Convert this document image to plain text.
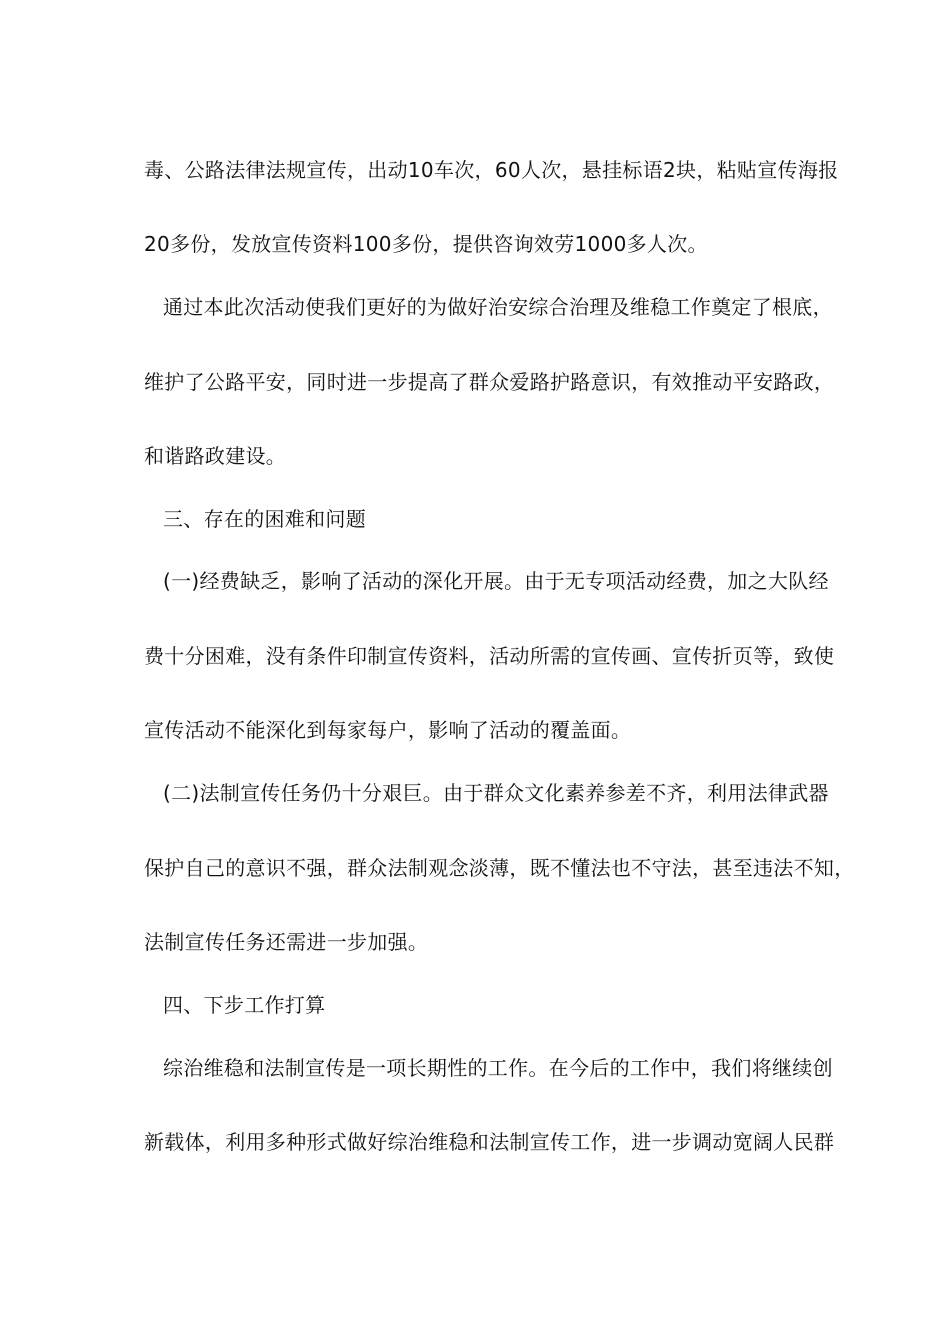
毒、公路法律法规宣传，出动10车次，60人次，悬挂标语2块，粘贴宣传海报

20多份，发放宣传资料100多份，提供咨询效劳1000多人次。

通过本此次活动使我们更好的为做好治安综合治理及维稳工作奠定了根底，

维护了公路平安，同时进一步提高了群众爱路护路意识，有效推动平安路政，

和谐路政建设。

三、存在的困难和问题

(一)经费缺乏，影响了活动的深化开展。由于无专项活动经费，加之大队经

费十分困难，没有条件印制宣传资料，活动所需的宣传画、宣传折页等，致使

宣传活动不能深化到每家每户，影响了活动的覆盖面。

(二)法制宣传任务仍十分艰巨。由于群众文化素养参差不齐，利用法律武器

保护自己的意识不强，群众法制观念淡薄，既不懂法也不守法，甚至违法不知，

法制宣传任务还需进一步加强。

四、下步工作打算

综治维稳和法制宣传是一项长期性的工作。在今后的工作中，我们将继续创

新载体，利用多种形式做好综治维稳和法制宣传工作，进一步调动宽阔人民群
